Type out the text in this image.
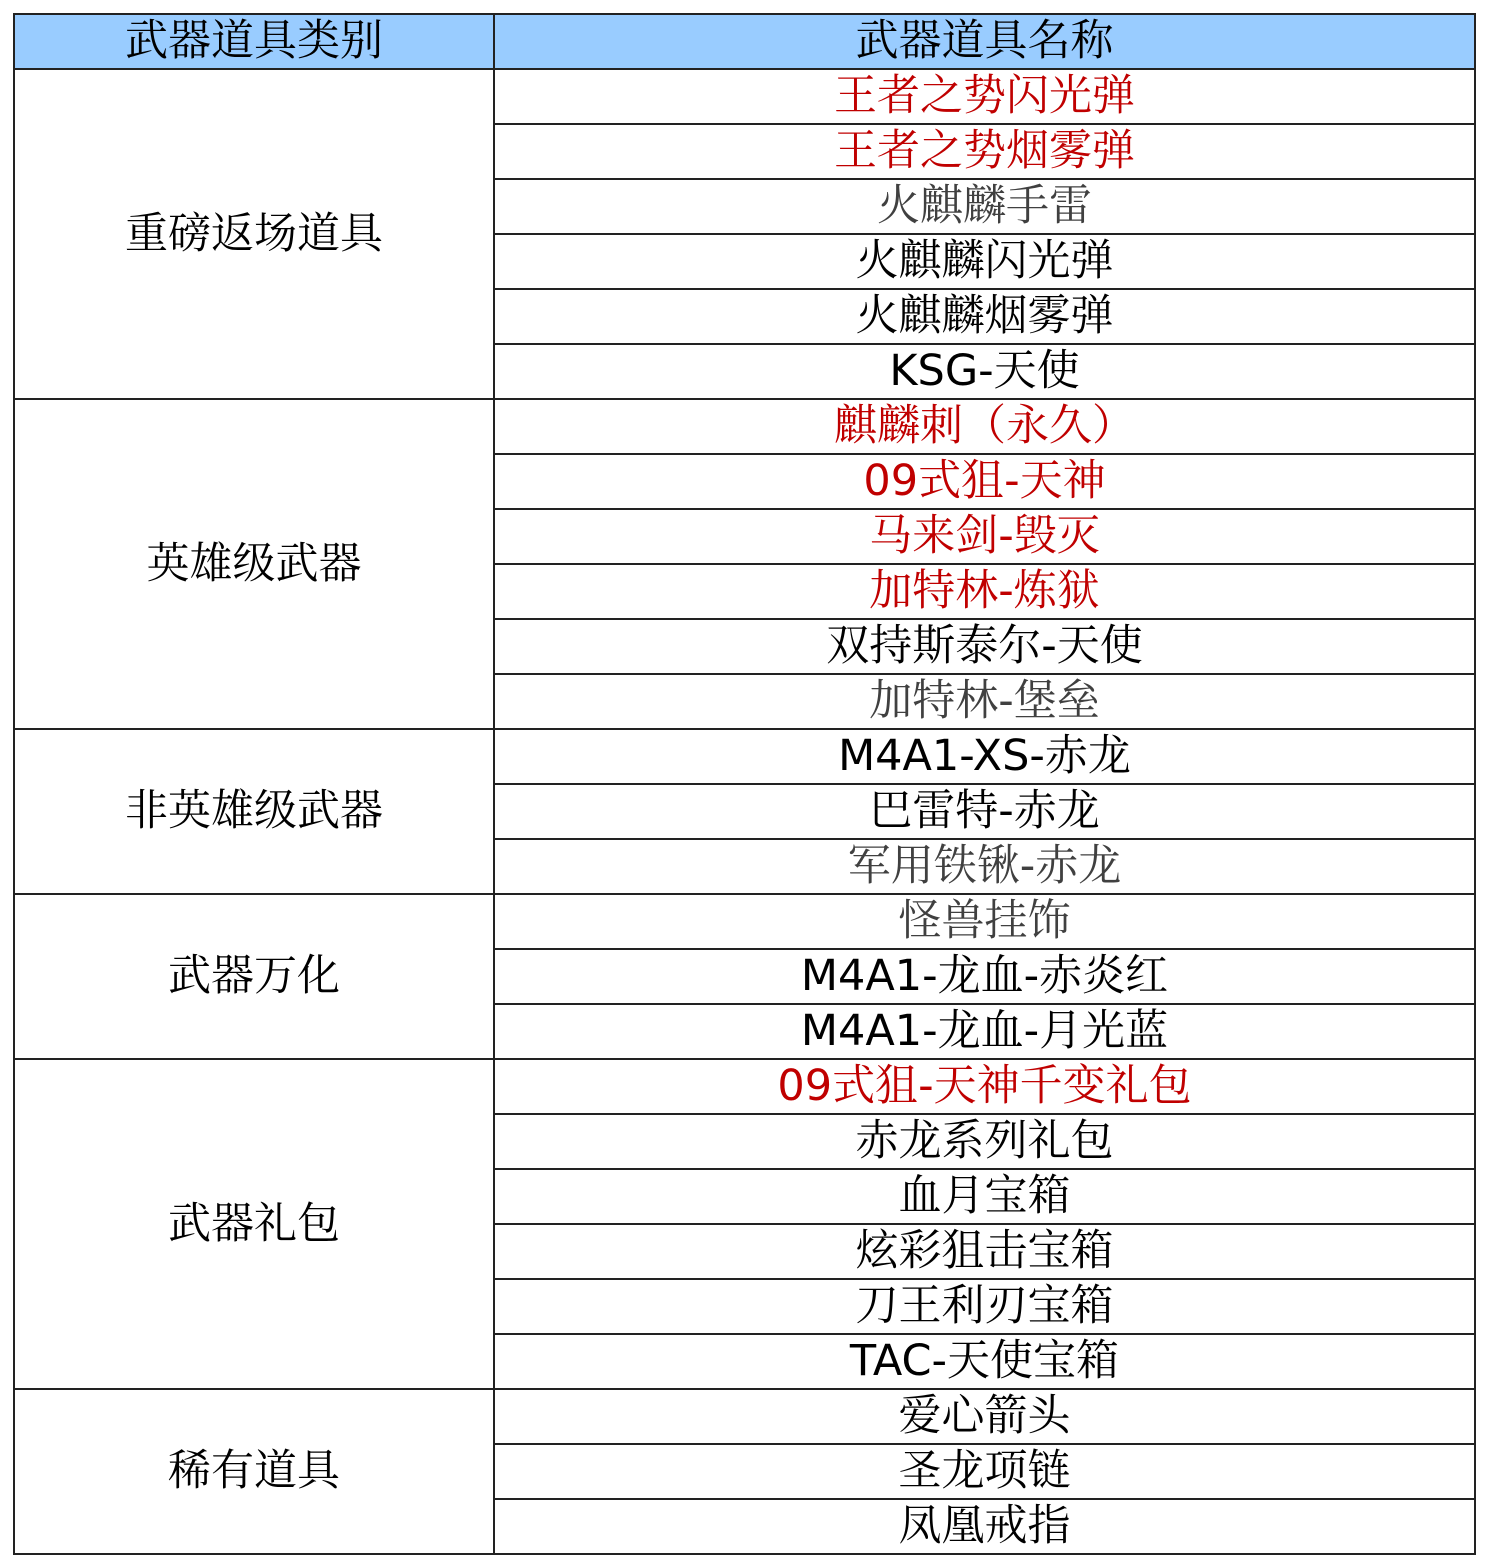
武器道具类别	武器道具名称
重磅返场道具	王者之势闪光弹
	王者之势烟雾弹
	火麒麟手雷
	火麒麟闪光弹
	火麒麟烟雾弹
	KSG-天使
英雄级武器	麒麟刺（永久）
	09式狙-天神
	马来剑-毁灭
	加特林-炼狱
	双持斯泰尔-天使
	加特林-堡垒
非英雄级武器	M4A1-XS-赤龙
	巴雷特-赤龙
	军用铁锹-赤龙
武器万化	怪兽挂饰
	M4A1-龙血-赤炎红
	M4A1-龙血-月光蓝
武器礼包	09式狙-天神千变礼包
	赤龙系列礼包
	血月宝箱
	炫彩狙击宝箱
	刀王利刃宝箱
	TAC-天使宝箱
稀有道具	爱心箭头
	圣龙项链
	凤凰戒指
